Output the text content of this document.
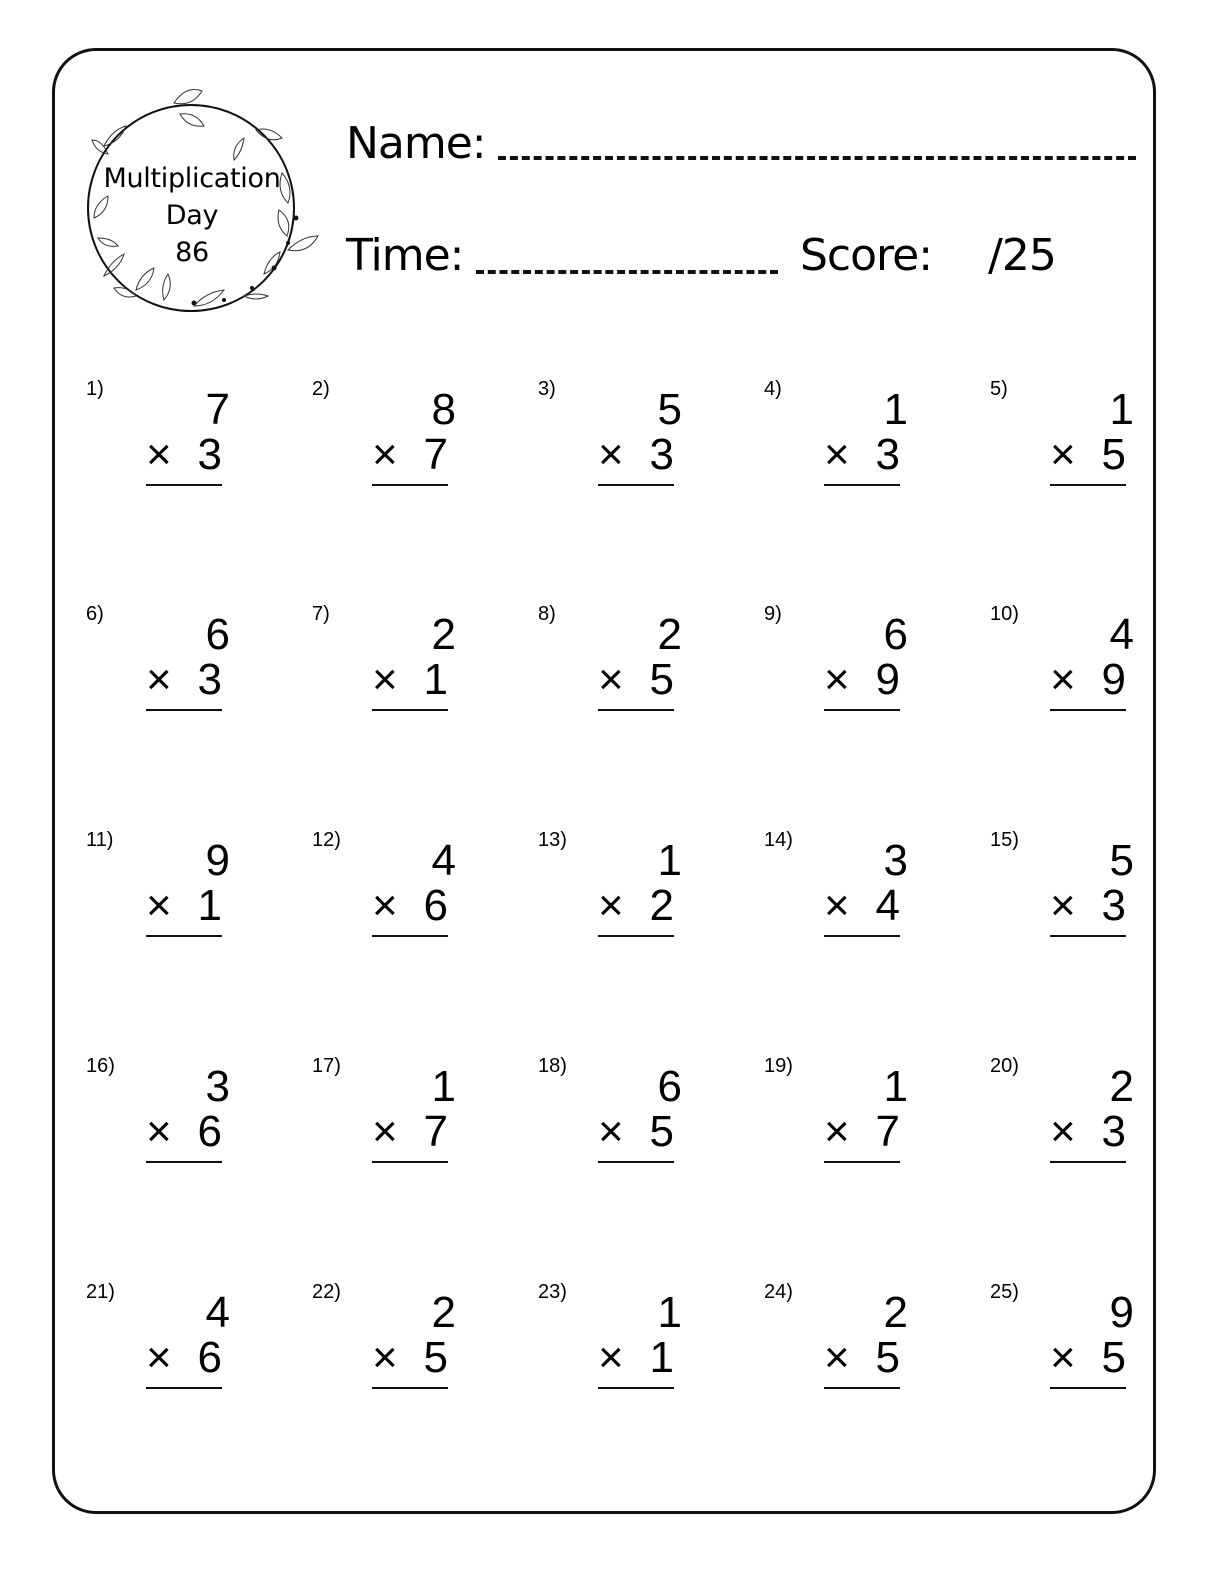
Multiplication
Day
86
Name:
Time:	Score: /25
1) 7
× 3
2) 8
× 7
3) 5
× 3
4) 1
× 3
5) 1
× 5
6) 6
× 3
7) 2
× 1
8) 2
× 5
9) 6
× 9
10) 4
× 9
11) 9
× 1
12) 4
× 6
13) 1
× 2
14) 3
× 4
15) 5
× 3
16) 3
× 6
17) 1
× 7
18) 6
× 5
19) 1
× 7
20) 2
× 3
21) 4
× 6
22) 2
× 5
23) 1
× 1
24) 2
× 5
25) 9
× 5
